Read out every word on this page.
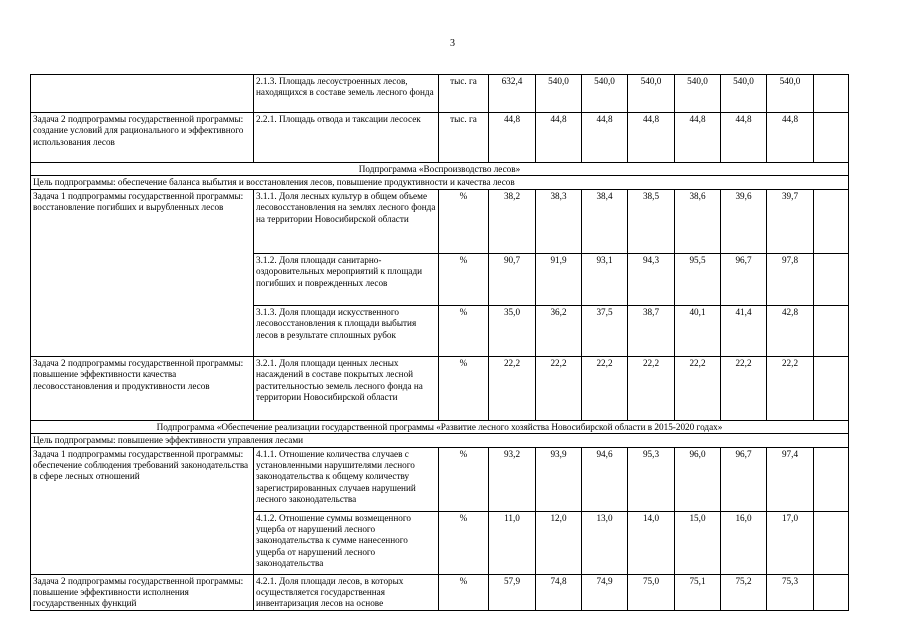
3
	2.1.3. Площадь лесоустроенных лесов, находящихся в составе земель лесного фонда	тыс. га	632,4	540,0	540,0	540,0	540,0	540,0	540,0	
Задача 2 подпрограммы государственной программы: создание условий для рационального и эффективного использования лесов	2.2.1. Площадь отвода и таксации лесосек	тыс. га	44,8	44,8	44,8	44,8	44,8	44,8	44,8	
Подпрограмма «Воспроизводство лесов»										
Цель подпрограммы: обеспечение баланса выбытия и восстановления лесов, повышение продуктивности и качества лесов										
Задача 1 подпрограммы государственной программы: восстановление погибших и вырубленных лесов	3.1.1. Доля лесных культур в общем объеме лесовосстановления на землях лесного фонда на территории Новосибирской области	%	38,2	38,3	38,4	38,5	38,6	39,6	39,7	
	3.1.2. Доля площади санитарно-оздоровительных мероприятий к площади погибших и поврежденных лесов	%	90,7	91,9	93,1	94,3	95,5	96,7	97,8	
	3.1.3. Доля площади искусственного лесовосстановления к площади выбытия лесов в результате сплошных рубок	%	35,0	36,2	37,5	38,7	40,1	41,4	42,8	
Задача 2 подпрограммы государственной программы: повышение эффективности качества лесовосстановления и продуктивности лесов	3.2.1. Доля площади ценных лесных насаждений в составе покрытых лесной растительностью земель лесного фонда на территории Новосибирской области	%	22,2	22,2	22,2	22,2	22,2	22,2	22,2	
Подпрограмма «Обеспечение реализации государственной программы «Развитие лесного хозяйства Новосибирской области в 2015-2020 годах»										
Цель подпрограммы: повышение эффективности управления лесами										
Задача 1 подпрограммы государственной программы: обеспечение соблюдения требований законодательства в сфере лесных отношений	4.1.1. Отношение количества случаев с установленными нарушителями лесного законодательства к общему количеству зарегистрированных случаев нарушений лесного законодательства	%	93,2	93,9	94,6	95,3	96,0	96,7	97,4	
	4.1.2. Отношение суммы возмещенного ущерба от нарушений лесного законодательства к сумме нанесенного ущерба от нарушений лесного законодательства	%	11,0	12,0	13,0	14,0	15,0	16,0	17,0	
Задача 2 подпрограммы государственной программы: повышение эффективности исполнения государственных функций	4.2.1. Доля площади лесов, в которых осуществляется государственная инвентаризация лесов на основе	%	57,9	74,8	74,9	75,0	75,1	75,2	75,3	
